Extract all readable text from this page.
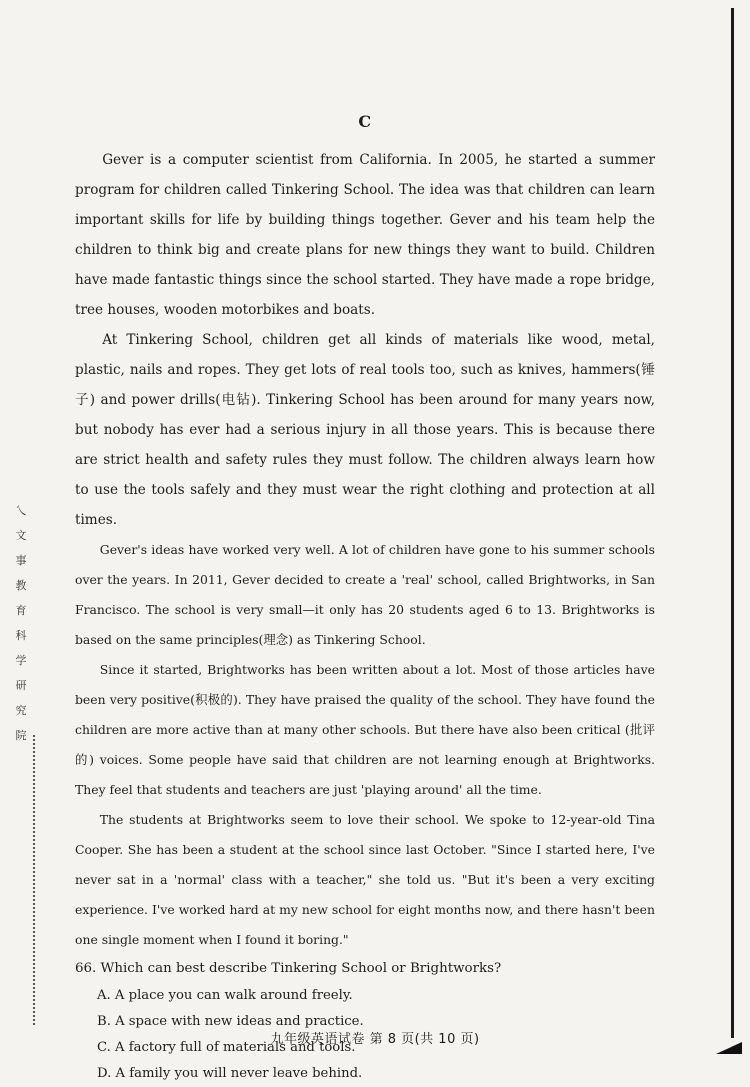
乀
文
事
教
育
科
学
研
究
院

C

Gever is a computer scientist from California. In 2005, he started a summer program for children called Tinkering School. The idea was that children can learn important skills for life by building things together. Gever and his team help the children to think big and create plans for new things they want to build. Children have made fantastic things since the school started. They have made a rope bridge, tree houses, wooden motorbikes and boats.

At Tinkering School, children get all kinds of materials like wood, metal, plastic, nails and ropes. They get lots of real tools too, such as knives, hammers(锤子) and power drills(电钻). Tinkering School has been around for many years now, but nobody has ever had a serious injury in all those years. This is because there are strict health and safety rules they must follow. The children always learn how to use the tools safely and they must wear the right clothing and protection at all times.

Gever's ideas have worked very well. A lot of children have gone to his summer schools over the years. In 2011, Gever decided to create a 'real' school, called Brightworks, in San Francisco. The school is very small—it only has 20 students aged 6 to 13. Brightworks is based on the same principles(理念) as Tinkering School.

Since it started, Brightworks has been written about a lot. Most of those articles have been very positive(积极的). They have praised the quality of the school. They have found the children are more active than at many other schools. But there have also been critical (批评的) voices. Some people have said that children are not learning enough at Brightworks. They feel that students and teachers are just 'playing around' all the time.

The students at Brightworks seem to love their school. We spoke to 12-year-old Tina Cooper. She has been a student at the school since last October. "Since I started here, I've never sat in a 'normal' class with a teacher," she told us. "But it's been a very exciting experience. I've worked hard at my new school for eight months now, and there hasn't been one single moment when I found it boring."

66. Which can best describe Tinkering School or Brightworks?

A. A place you can walk around freely.

B. A space with new ideas and practice.

C. A factory full of materials and tools.

D. A family you will never leave behind.

九年级英语试卷 第 8 页(共 10 页)
